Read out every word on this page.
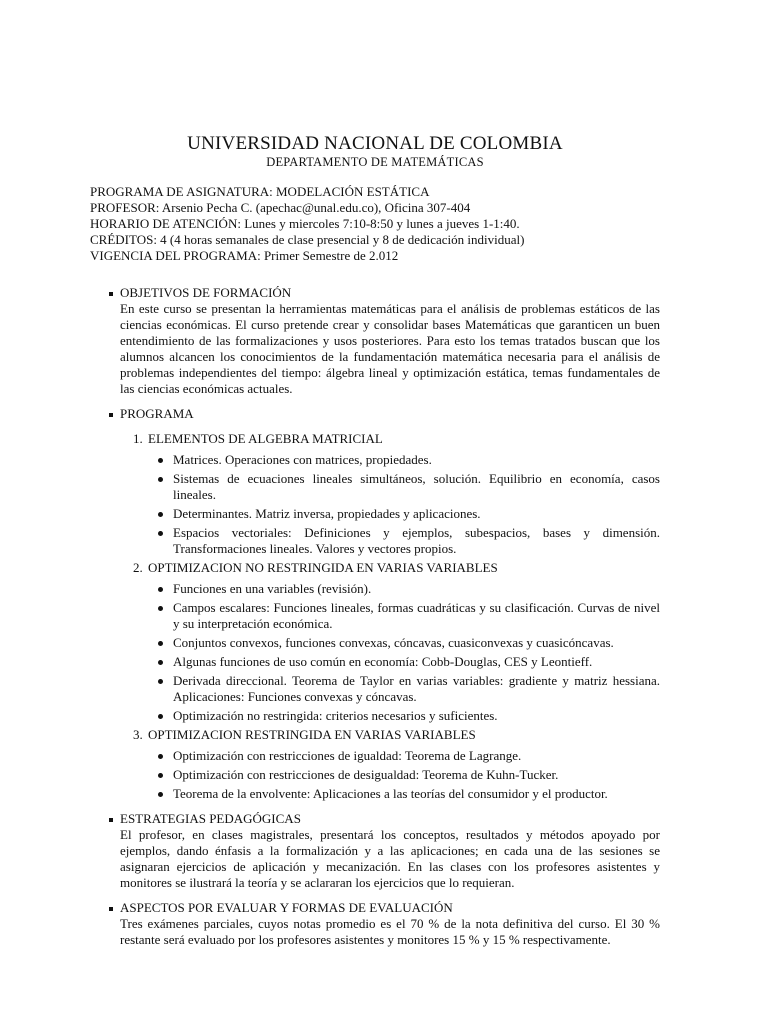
UNIVERSIDAD NACIONAL DE COLOMBIA

DEPARTAMENTO DE MATEMÁTICAS

PROGRAMA DE ASIGNATURA: MODELACIÓN ESTÁTICA

PROFESOR: Arsenio Pecha C. (apechac@unal.edu.co), Oficina 307-404

HORARIO DE ATENCIÓN: Lunes y miercoles 7:10-8:50 y lunes a jueves 1-1:40.

CRÉDITOS: 4 (4 horas semanales de clase presencial y 8 de dedicación individual)

VIGENCIA DEL PROGRAMA: Primer Semestre de 2.012

OBJETIVOS DE FORMACIÓN

En este curso se presentan la herramientas matemáticas para el análisis de problemas estáticos de las ciencias económicas. El curso pretende crear y consolidar bases Matemáticas que garanticen un buen entendimiento de las formalizaciones y usos posteriores. Para esto los temas tratados buscan que los alumnos alcancen los conocimientos de la fundamentación matemática necesaria para el análisis de problemas independientes del tiempo: álgebra lineal y optimización estática, temas fundamentales de las ciencias económicas actuales.

PROGRAMA

1. ELEMENTOS DE ALGEBRA MATRICIAL

Matrices. Operaciones con matrices, propiedades.
Sistemas de ecuaciones lineales simultáneos, solución. Equilibrio en economía, casos lineales.
Determinantes. Matriz inversa, propiedades y aplicaciones.
Espacios vectoriales: Definiciones y ejemplos, subespacios, bases y dimensión. Transformaciones lineales. Valores y vectores propios.
2. OPTIMIZACION NO RESTRINGIDA EN VARIAS VARIABLES

Funciones en una variables (revisión).
Campos escalares: Funciones lineales, formas cuadráticas y su clasificación. Curvas de nivel y su interpretación económica.
Conjuntos convexos, funciones convexas, cóncavas, cuasiconvexas y cuasicóncavas.
Algunas funciones de uso común en economía: Cobb-Douglas, CES y Leontieff.
Derivada direccional. Teorema de Taylor en varias variables: gradiente y matriz hessiana. Aplicaciones: Funciones convexas y cóncavas.
Optimización no restringida: criterios necesarios y suficientes.
3. OPTIMIZACION RESTRINGIDA EN VARIAS VARIABLES

Optimización con restricciones de igualdad: Teorema de Lagrange.
Optimización con restricciones de desigualdad: Teorema de Kuhn-Tucker.
Teorema de la envolvente: Aplicaciones a las teorías del consumidor y el productor.

ESTRATEGIAS PEDAGÓGICAS

El profesor, en clases magistrales, presentará los conceptos, resultados y métodos apoyado por ejemplos, dando énfasis a la formalización y a las aplicaciones; en cada una de las sesiones se asignaran ejercicios de aplicación y mecanización. En las clases con los profesores asistentes y monitores se ilustrará la teoría y se aclararan los ejercicios que lo requieran.

ASPECTOS POR EVALUAR Y FORMAS DE EVALUACIÓN

Tres exámenes parciales, cuyos notas promedio es el 70 % de la nota definitiva del curso. El 30 % restante será evaluado por los profesores asistentes y monitores 15 % y 15 % respectivamente.
